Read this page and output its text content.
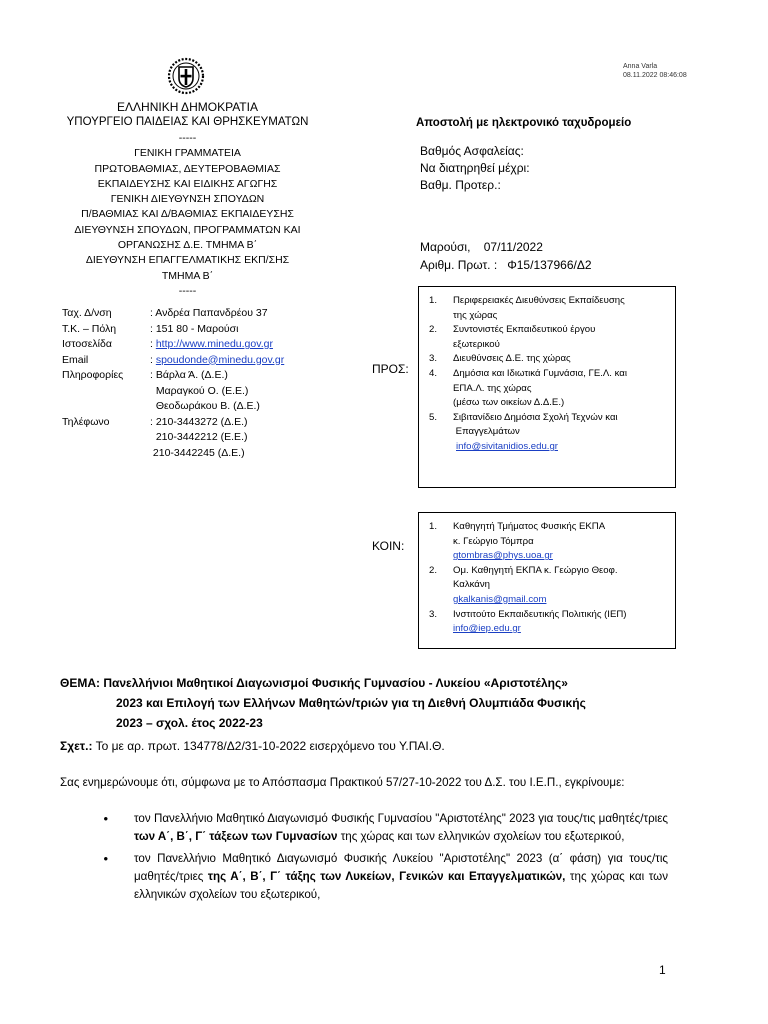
Anna Varla
08.11.2022 08:46:08
ΕΛΛΗΝΙΚΗ ΔΗΜΟΚΡΑΤΙΑ
ΥΠΟΥΡΓΕΙΟ ΠΑΙΔΕΙΑΣ ΚΑΙ ΘΡΗΣΚΕΥΜΑΤΩΝ
-----
ΓΕΝΙΚΗ ΓΡΑΜΜΑΤΕΙΑ
ΠΡΩΤΟΒΑΘΜΙΑΣ, ΔΕΥΤΕΡΟΒΑΘΜΙΑΣ
ΕΚΠΑΙΔΕΥΣΗΣ ΚΑΙ ΕΙΔΙΚΗΣ ΑΓΩΓΗΣ
ΓΕΝΙΚΗ ΔΙΕΥΘΥΝΣΗ ΣΠΟΥΔΩΝ
Π/ΒΑΘΜΙΑΣ ΚΑΙ Δ/ΒΑΘΜΙΑΣ ΕΚΠΑΙΔΕΥΣΗΣ
ΔΙΕΥΘΥΝΣΗ ΣΠΟΥΔΩΝ, ΠΡΟΓΡΑΜΜΑΤΩΝ ΚΑΙ
ΟΡΓΑΝΩΣΗΣ Δ.Ε. ΤΜΗΜΑ Β΄
ΔΙΕΥΘΥΝΣΗ ΕΠΑΓΓΕΛΜΑΤΙΚΗΣ ΕΚΠ/ΣΗΣ
ΤΜΗΜΑ Β΄
-----
Ταχ. Δ/νση	: Ανδρέα Παπανδρέου 37
Τ.Κ. – Πόλη	: 151 80 - Μαρούσι
Ιστοσελίδα	: http://www.minedu.gov.gr
Email	: spoudonde@minedu.gov.gr
Πληροφορίες	: Βάρλα Ά. (Δ.Ε.)
Μαραγκού Ο. (Ε.Ε.)
Θεοδωράκου Β. (Δ.Ε.)
Τηλέφωνο	: 210-3443272 (Δ.Ε.)
210-3442212 (Ε.Ε.)
210-3442245 (Δ.Ε.)
Αποστολή με ηλεκτρονικό ταχυδρομείο
Βαθμός Ασφαλείας:
Να διατηρηθεί μέχρι:
Βαθμ. Προτερ.:
Μαρούσι,    07/11/2022
Αριθμ. Πρωτ. :   Φ15/137966/Δ2
ΠΡΟΣ:
1.	Περιφερειακές Διευθύνσεις Εκπαίδευσης
της χώρας
2.	Συντονιστές Εκπαιδευτικού έργου
εξωτερικού
3.	Διευθύνσεις Δ.Ε. της χώρας
4.	Δημόσια και Ιδιωτικά Γυμνάσια, ΓΕ.Λ. και
ΕΠΑ.Λ. της χώρας
(μέσω των οικείων Δ.Δ.Ε.)
5.	Σιβιτανίδειο Δημόσια Σχολή Τεχνών και
Επαγγελμάτων
info@sivitanidios.edu.gr
ΚΟΙΝ:
1.	Καθηγητή Τμήματος Φυσικής ΕΚΠΑ
κ. Γεώργιο Τόμπρα
gtombras@phys.uoa.gr
2.	Ομ. Καθηγητή ΕΚΠΑ κ. Γεώργιο Θεοφ.
Καλκάνη
gkalkanis@gmail.com
3.	Ινστιτούτο Εκπαιδευτικής Πολιτικής (ΙΕΠ)
info@iep.edu.gr
ΘΕΜΑ: Πανελλήνιοι Μαθητικοί Διαγωνισμοί Φυσικής Γυμνασίου - Λυκείου «Αριστοτέλης»
2023 και Επιλογή των Ελλήνων Μαθητών/τριών για τη Διεθνή Ολυμπιάδα Φυσικής
2023 – σχολ. έτος 2022-23
Σχετ.: Το με αρ. πρωτ. 134778/Δ2/31-10-2022 εισερχόμενο του Υ.ΠΑΙ.Θ.
Σας ενημερώνουμε ότι, σύμφωνα με το Απόσπασμα Πρακτικού 57/27-10-2022 του Δ.Σ. του Ι.Ε.Π., εγκρίνουμε:
•	τον Πανελλήνιο Μαθητικό Διαγωνισμό Φυσικής Γυμνασίου "Αριστοτέλης" 2023 για τους/τις μαθητές/τριες των Α΄, Β΄, Γ΄ τάξεων των Γυμνασίων της χώρας και των ελληνικών σχολείων του εξωτερικού,
•	τον Πανελλήνιο Μαθητικό Διαγωνισμό Φυσικής Λυκείου "Αριστοτέλης" 2023 (α΄ φάση) για τους/τις μαθητές/τριες της Α΄, Β΄, Γ΄ τάξης των Λυκείων, Γενικών και Επαγγελματικών, της χώρας και των ελληνικών σχολείων του εξωτερικού,
1
